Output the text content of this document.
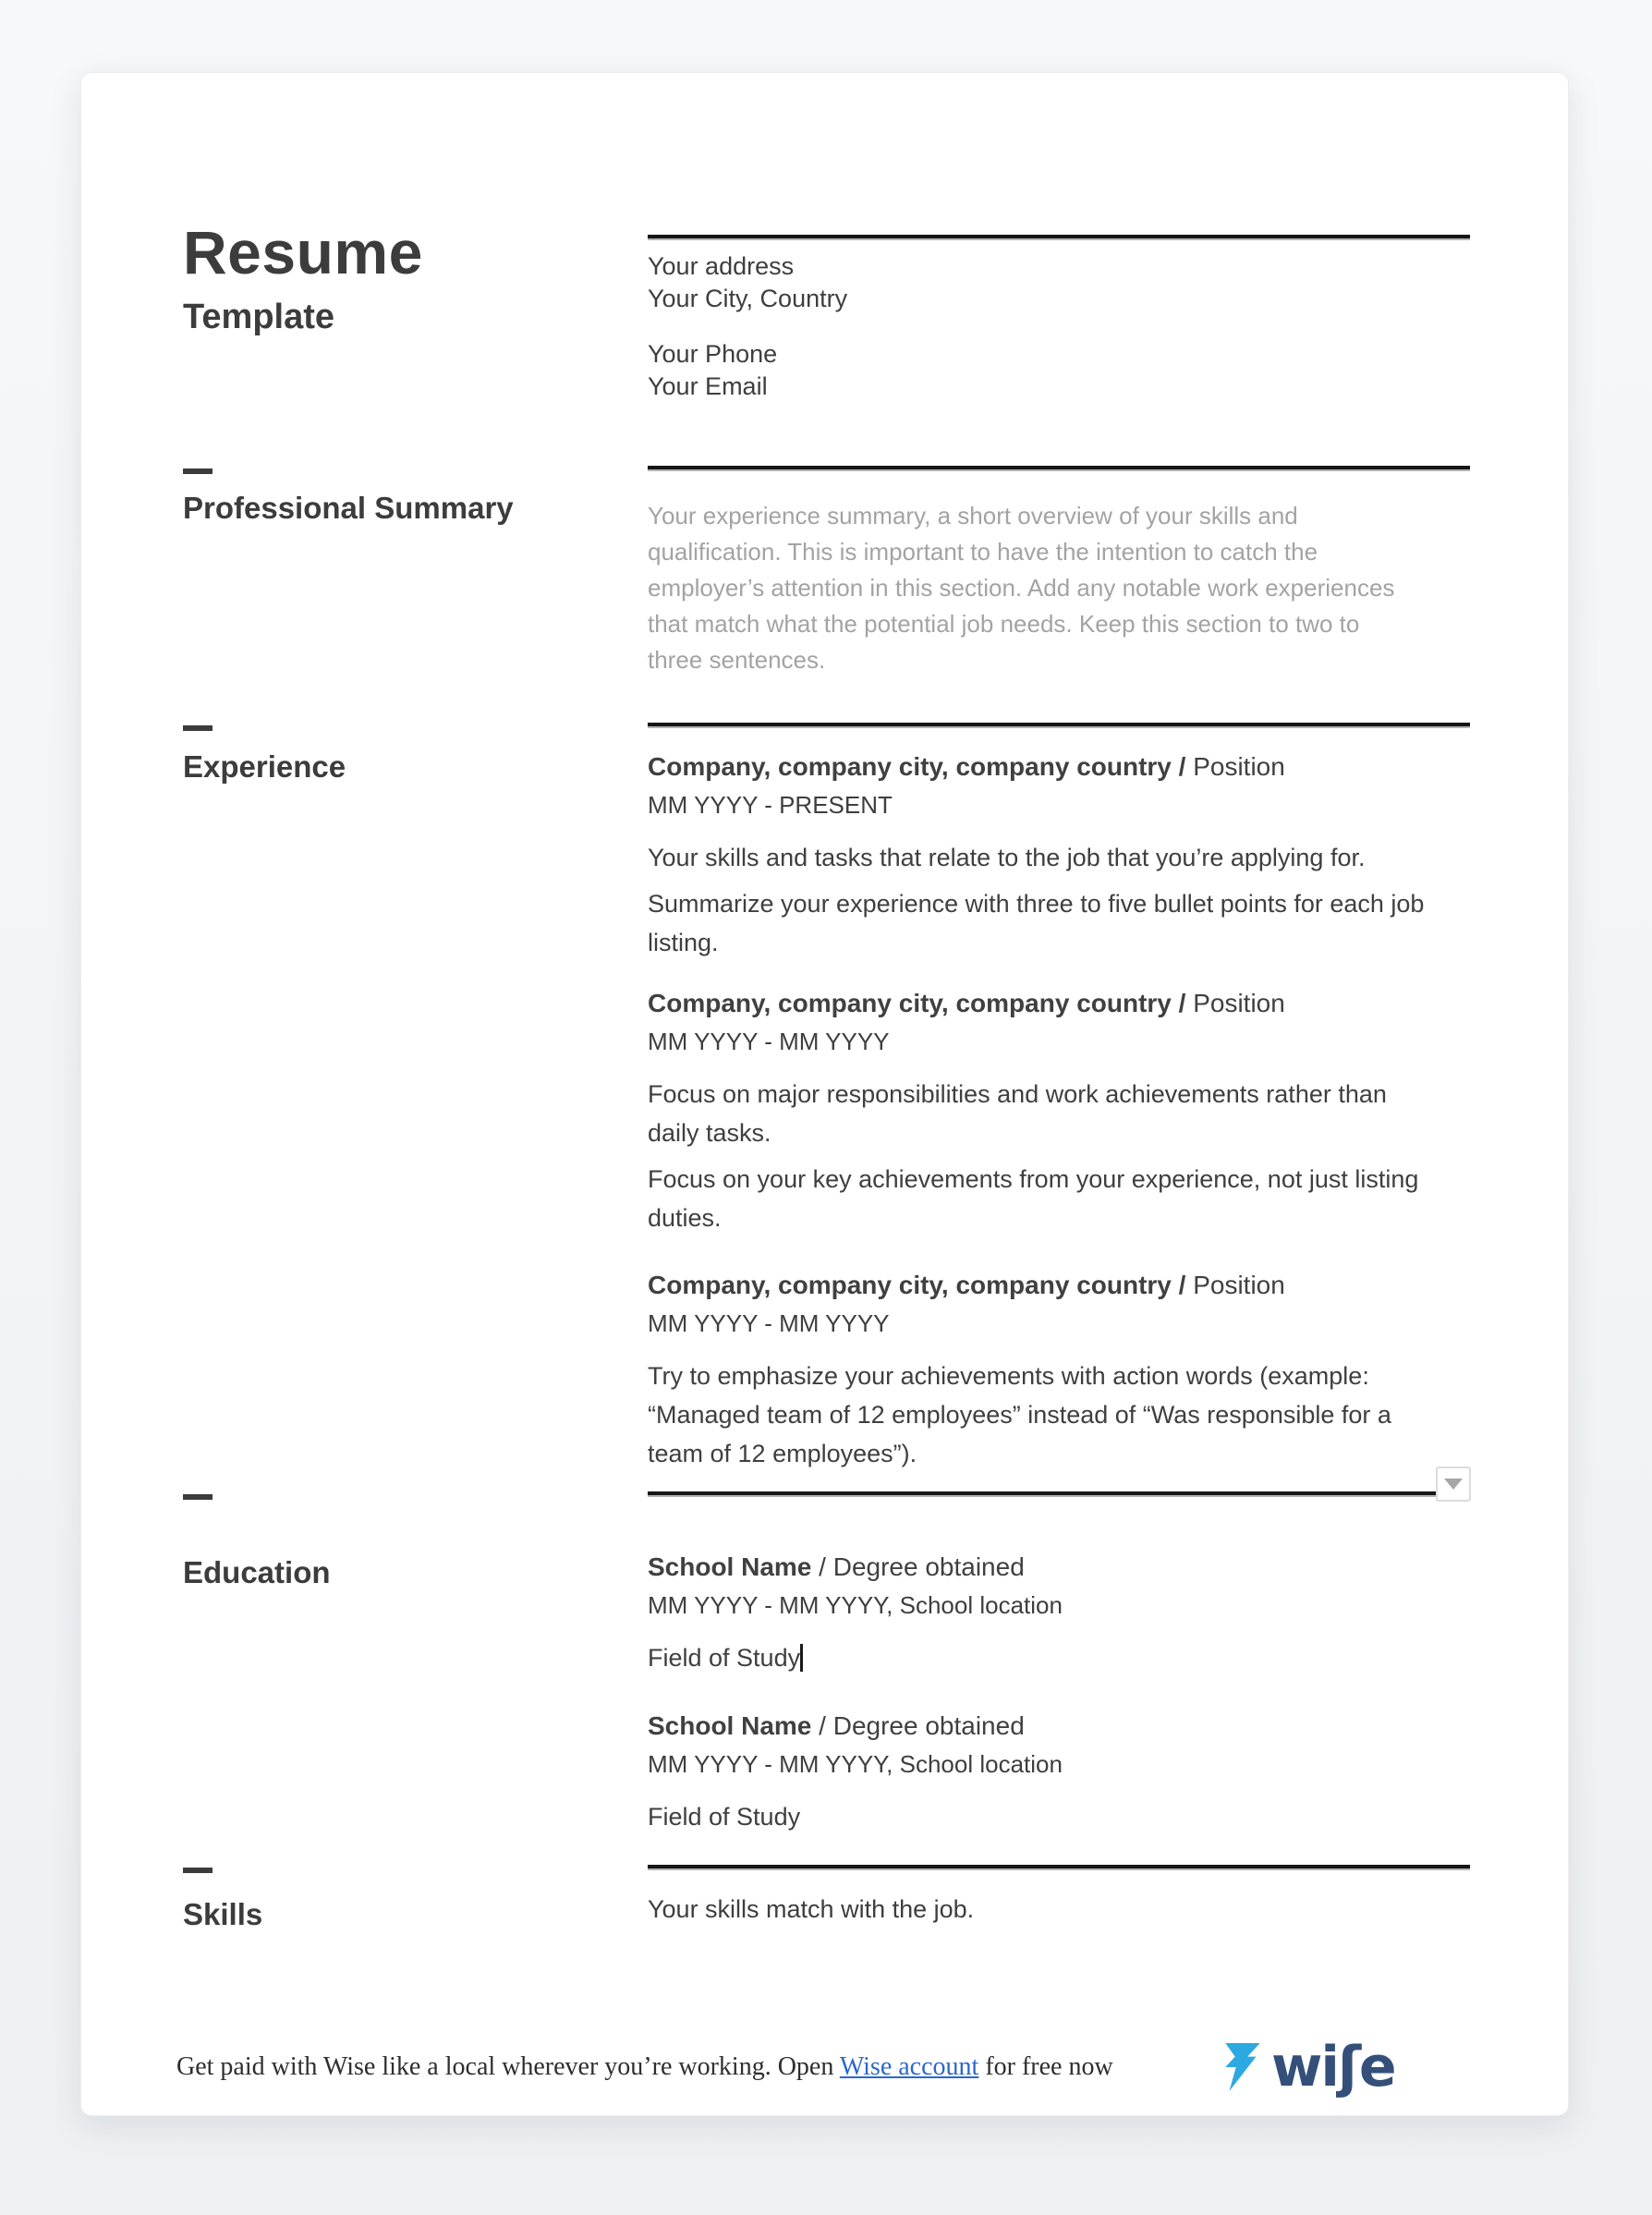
Resume
Template

Your address

Your City, Country

Your Phone

Your Email

Professional Summary	Your experience summary, a short overview of your skills and
qualification. This is important to have the intention to catch the
employer’s attention in this section. Add any notable work experiences
that match what the potential job needs. Keep this section to two to
three sentences.
Experience	Company, company city, company country / Position
MM YYYY - PRESENT
Your skills and tasks that relate to the job that you’re applying for.
Summarize your experience with three to five bullet points for each job
listing.
Company, company city, company country / Position
MM YYYY - MM YYYY
Focus on major responsibilities and work achievements rather than
daily tasks.
Focus on your key achievements from your experience, not just listing
duties.
Company, company city, company country / Position
MM YYYY - MM YYYY
Try to emphasize your achievements with action words (example:
“Managed team of 12 employees” instead of “Was responsible for a
team of 12 employees”).
Education	School Name / Degree obtained
MM YYYY - MM YYYY, School location
Field of Study
School Name / Degree obtained
MM YYYY - MM YYYY, School location
Field of Study
Skills	Your skills match with the job.
Get paid with Wise like a local wherever you’re working. Open Wise account for free now	wiʃe
